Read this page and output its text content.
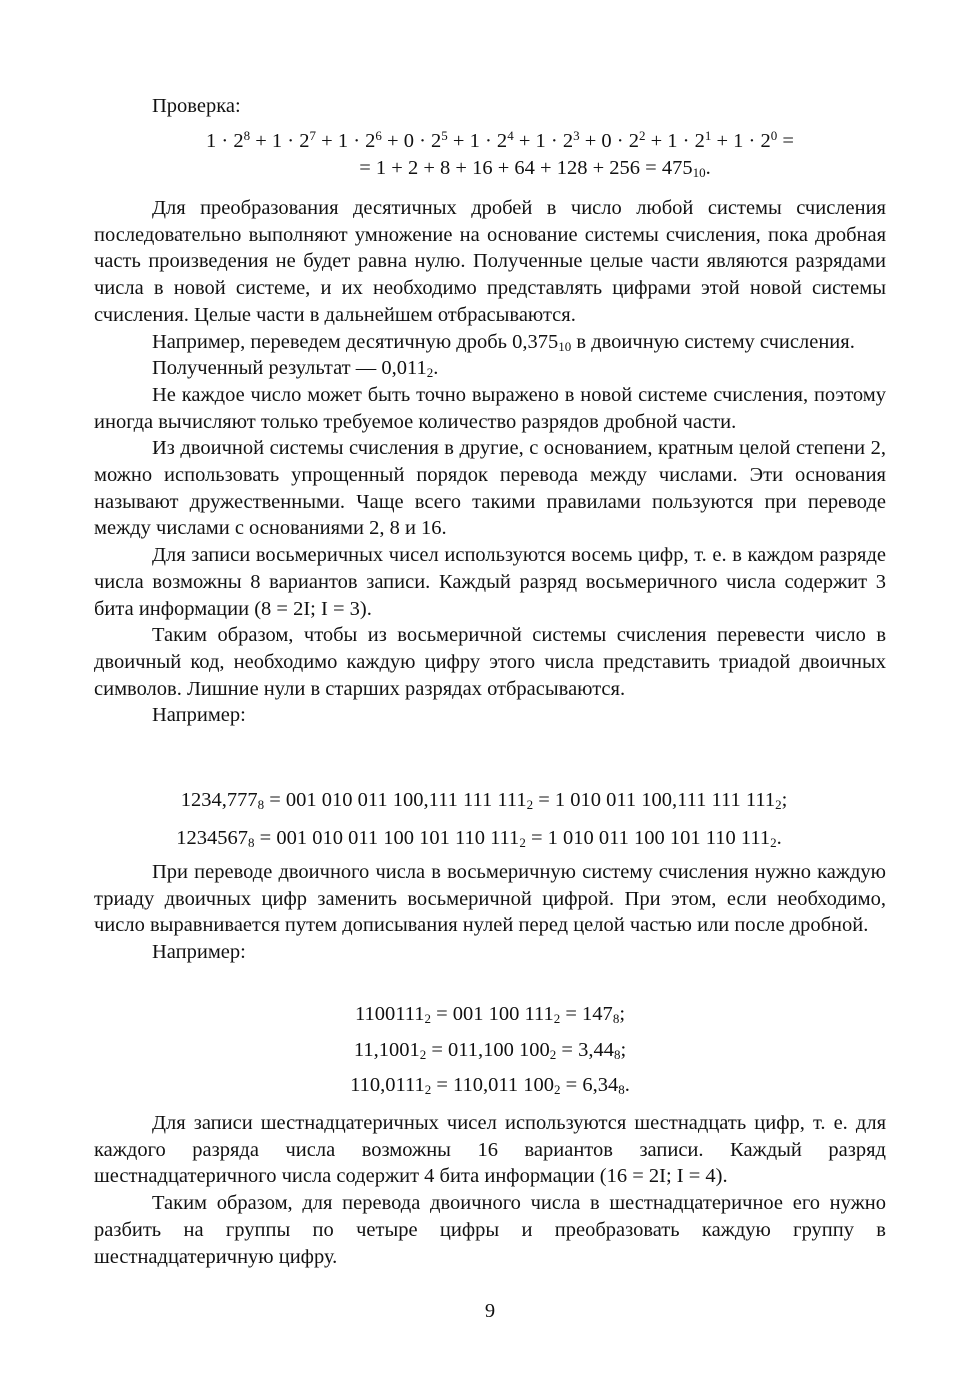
Проверка:

$1 \cdot 2^8 + 1 \cdot 2^7 + 1 \cdot 2^6 + 0 \cdot 2^5 + 1 \cdot 2^4 + 1 \cdot 2^3 + 0 \cdot 2^2 + 1 \cdot 2^1 + 1 \cdot 2^0$ =

= $1 + 2 + 8 + 16 + 64 + 128 + 256 = 475_{10}$.

Для преобразования десятичных дробей в число любой системы счисления последовательно выполняют умножение на основание системы счисления, пока дробная часть произведения не будет равна нулю. Полученные целые части являются разрядами числа в новой системе, и их необходимо представлять цифрами этой новой системы счисления. Целые части в дальнейшем отбрасываются.

Например, переведем десятичную дробь $0,375_{10}$ в двоичную систему счисления.

Полученный результат — $0,011_2$.

Не каждое число может быть точно выражено в новой системе счисления, поэтому иногда вычисляют только требуемое количество разрядов дробной части.

Из двоичной системы счисления в другие, с основанием, кратным целой степени 2, можно использовать упрощенный порядок перевода между числами. Эти основания называют дружественными. Чаще всего такими правилами пользуются при переводе между числами с основаниями 2, 8 и 16.

Для записи восьмеричных чисел используются восемь цифр, т. е. в каждом разряде числа возможны 8 вариантов записи. Каждый разряд восьмеричного числа содержит 3 бита информации (8 = 2I; I = 3).

Таким образом, чтобы из восьмеричной системы счисления перевести число в двоичный код, необходимо каждую цифру этого числа представить триадой двоичных символов. Лишние нули в старших разрядах отбрасываются.

Например:

$1234,777_8 = 001$ 010 011 100,111 111 $111_2 = 1$ 010 011 100,111 111 $111_2$;

$1234567_8 = 001$ 010 011 100 101 110 $111_2 = 1$ 010 011 100 101 110 $111_2$.

При переводе двоичного числа в восьмеричную систему счисления нужно каждую триаду двоичных цифр заменить восьмеричной цифрой. При этом, если необходимо, число выравнивается путем дописывания нулей перед целой частью или после дробной.

Например:

$1100111_2 = 001$ 100 $111_2 = 147_8$;

$11,1001_2 = 011,100$ $100_2 = 3,44_8$;

$110,0111_2 = 110,011$ $100_2 = 6,34_8$.

Для записи шестнадцатеричных чисел используются шестнадцать цифр, т. е. для каждого разряда числа возможны 16 вариантов записи. Каждый разряд шестнадцатеричного числа содержит 4 бита информации (16 = 2I; I = 4).

Таким образом, для перевода двоичного числа в шестнадцатеричное его нужно разбить на группы по четыре цифры и преобразовать каждую группу в шестнадцатеричную цифру.

9
